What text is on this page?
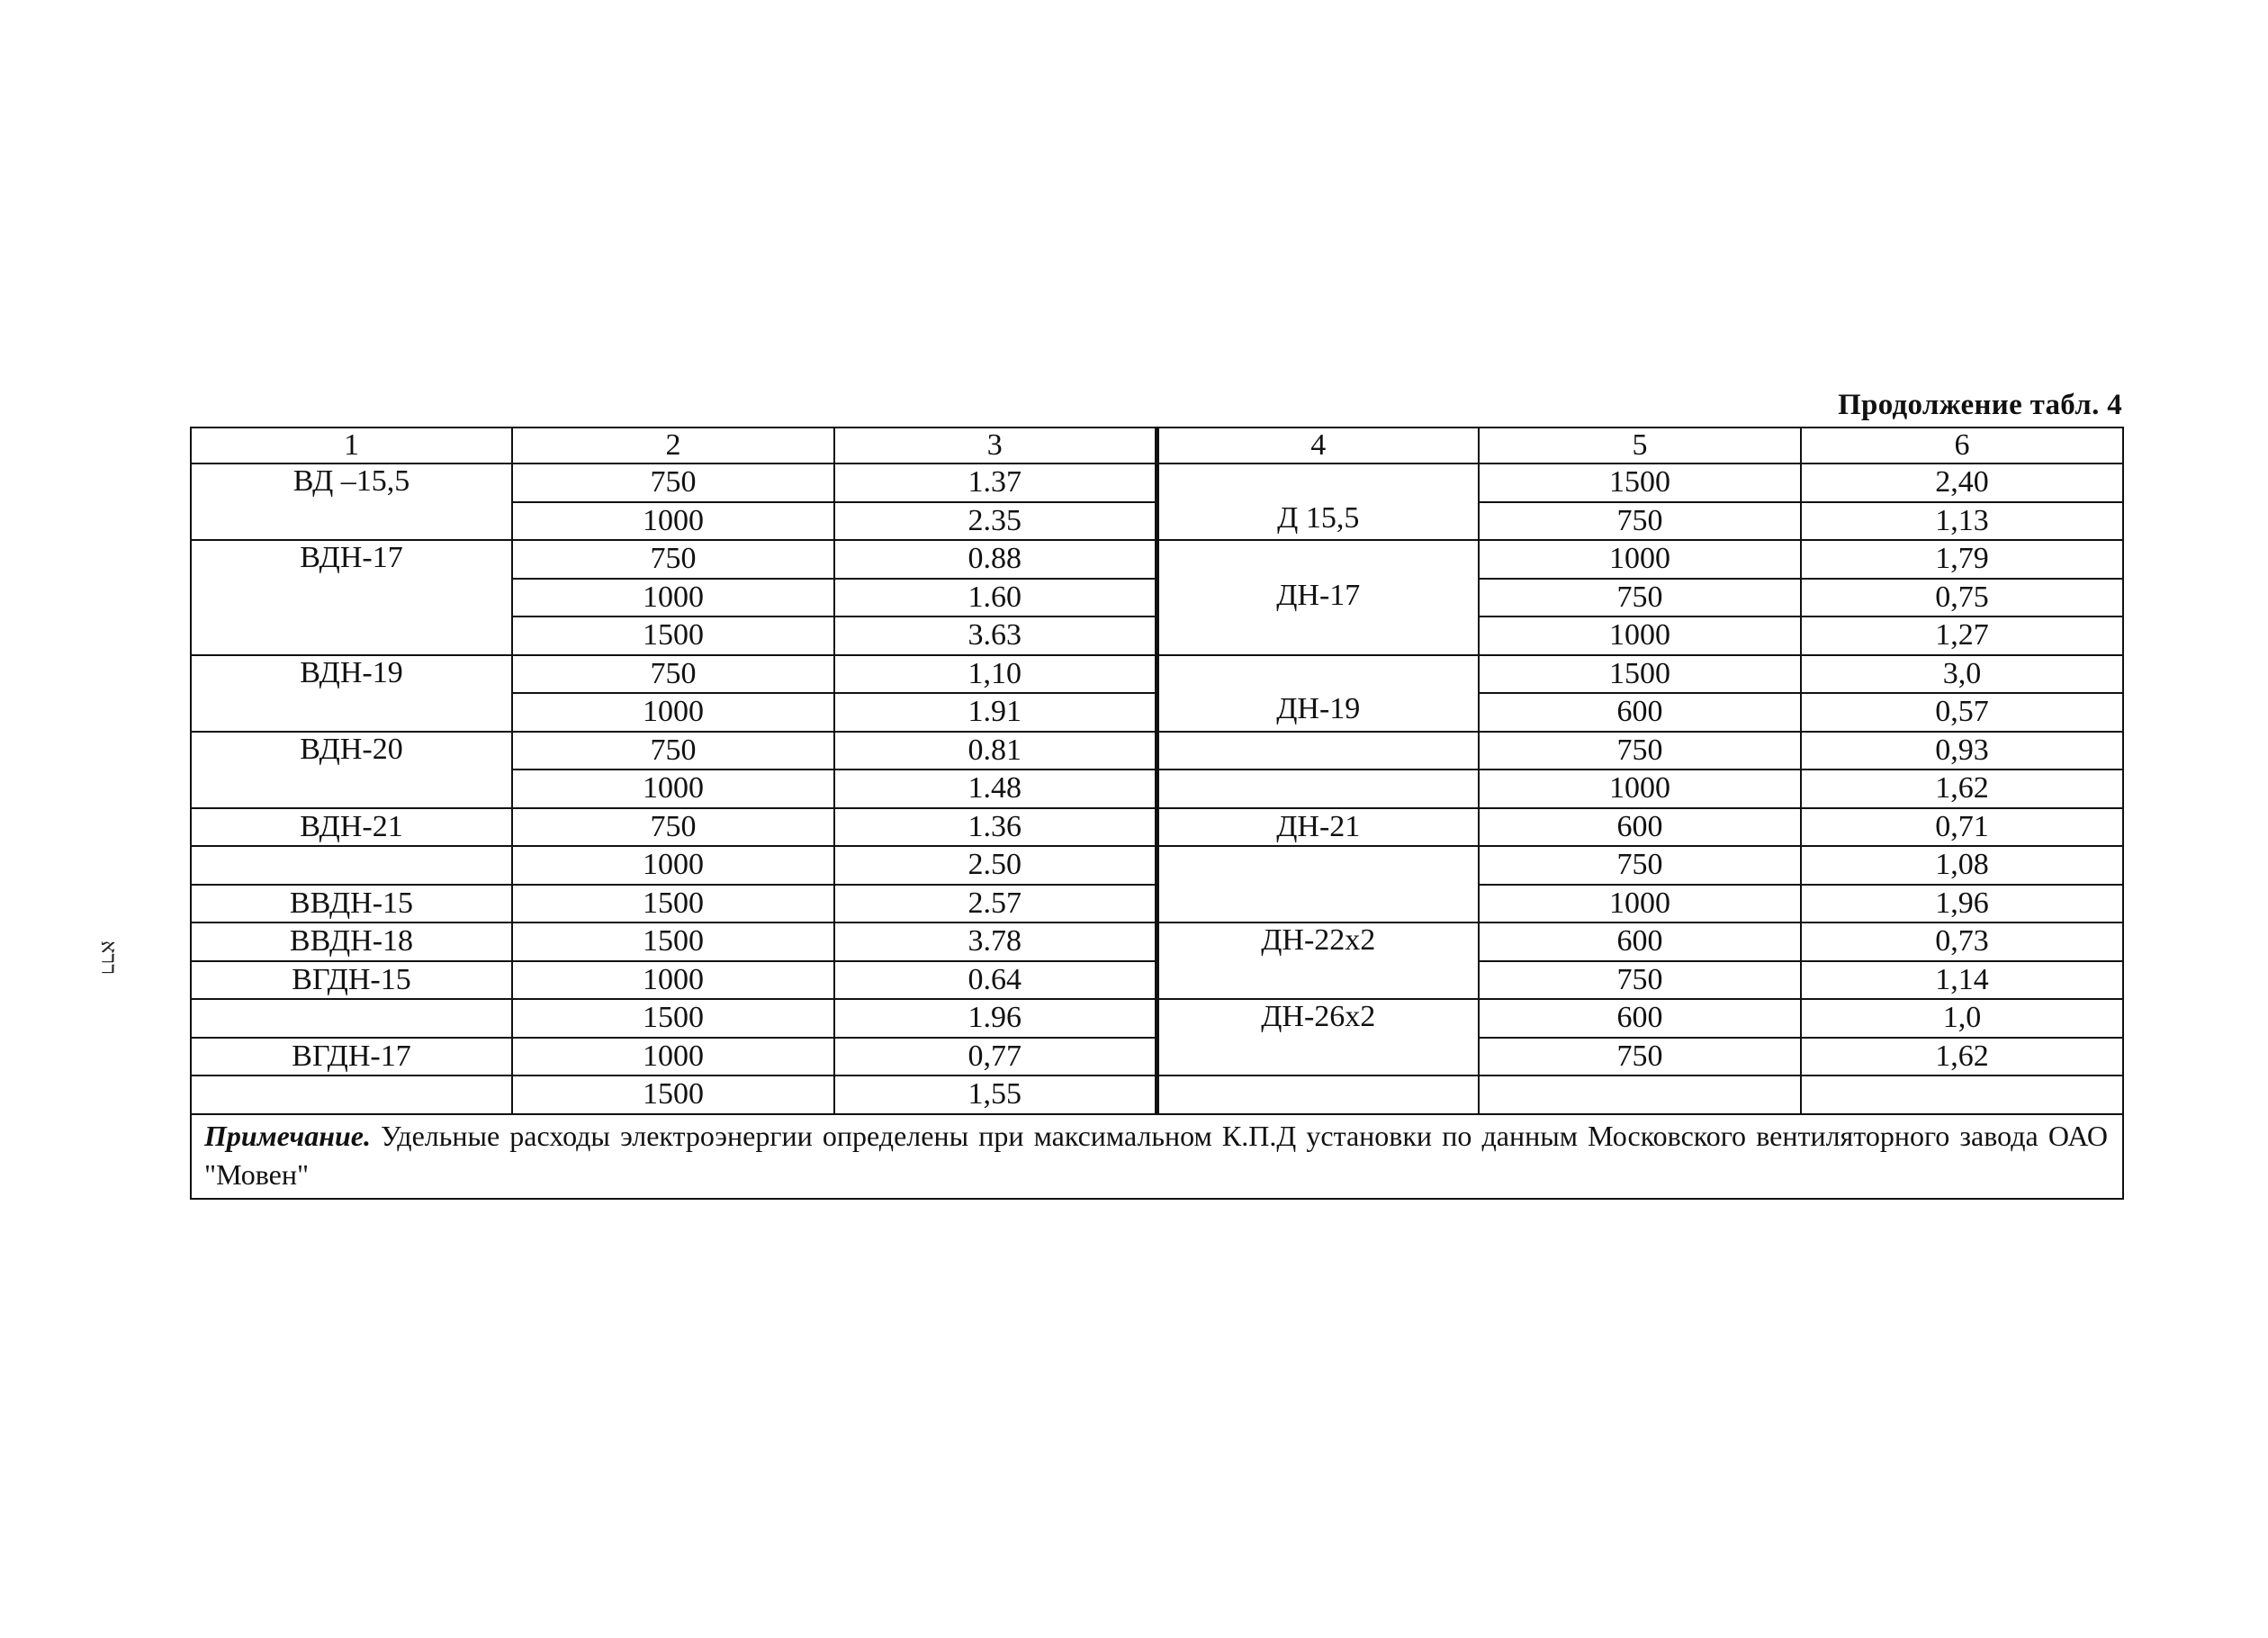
Продолжение табл. 4
ררא
1	2	3	4	5	6
ВД –15,5	750	1.37	Д 15,5	1500	2,40
	1000	2.35		750	1,13
ВДН-17	750	0.88	ДН-17	1000	1,79
	1000	1.60		750	0,75
	1500	3.63		1000	1,27
ВДН-19	750	1,10	ДН-19	1500	3,0
	1000	1.91		600	0,57
ВДН-20	750	0.81		750	0,93
	1000	1.48		1000	1,62
ВДН-21	750	1.36	ДН-21	600	0,71
	1000	2.50		750	1,08
ВВДН-15	1500	2.57		1000	1,96
ВВДН-18	1500	3.78	ДН-22х2	600	0,73
ВГДН-15	1000	0.64		750	1,14
	1500	1.96	ДН-26х2	600	1,0
ВГДН-17	1000	0,77		750	1,62
	1500	1,55			
Примечание. Удельные расходы электроэнергии определены при максимальном К.П.Д установки по данным Московского вентиляторного завода ОАО "Мовен"					
